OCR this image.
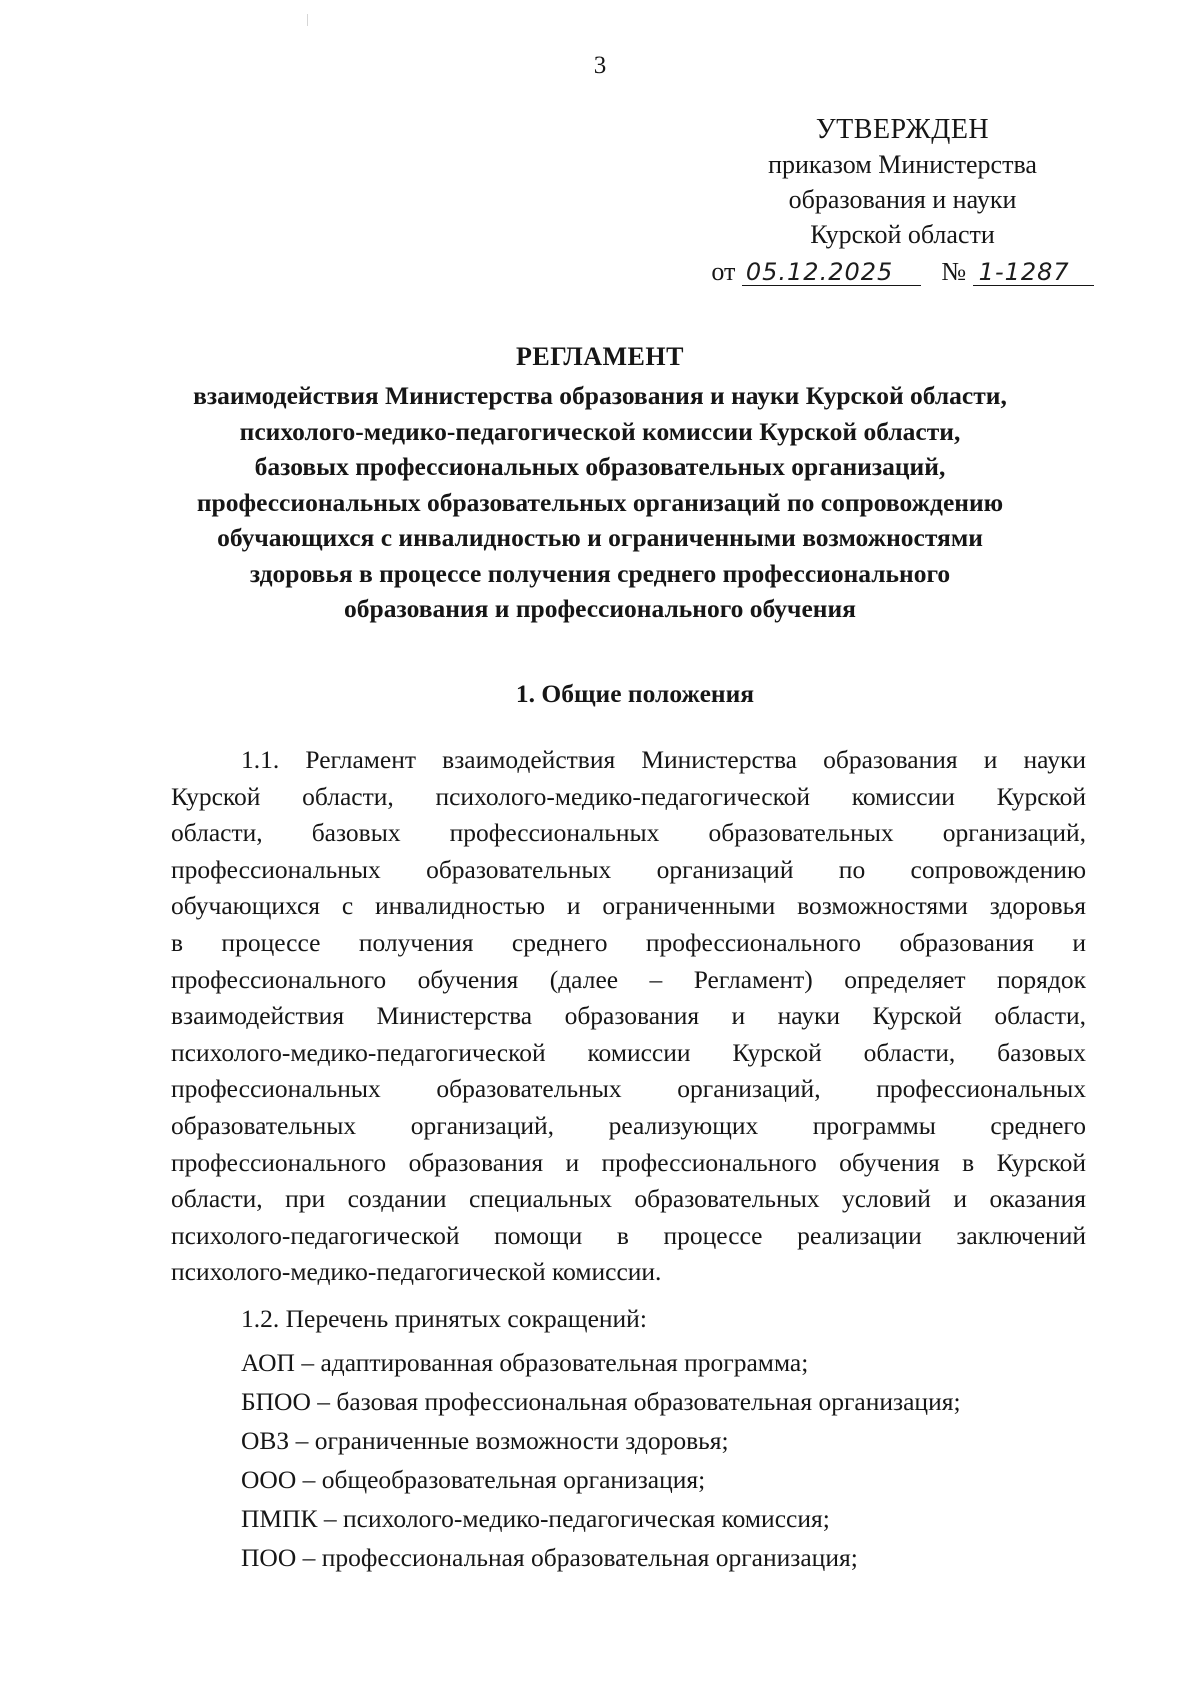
3
УТВЕРЖДЕН
приказом Министерства
образования и науки
Курской области
от 05.12.2025 № 1-1287
РЕГЛАМЕНТ
взаимодействия Министерства образования и науки Курской области,
психолого-медико-педагогической комиссии Курской области,
базовых профессиональных образовательных организаций,
профессиональных образовательных организаций по сопровождению
обучающихся с инвалидностью и ограниченными возможностями
здоровья в процессе получения среднего профессионального
образования и профессионального обучения
1. Общие положения
1.1. Регламент взаимодействия Министерства образования и науки
Курской области, психолого-медико-педагогической комиссии Курской
области, базовых профессиональных образовательных организаций,
профессиональных образовательных организаций по сопровождению
обучающихся с инвалидностью и ограниченными возможностями здоровья
в процессе получения среднего профессионального образования и
профессионального обучения (далее – Регламент) определяет порядок
взаимодействия Министерства образования и науки Курской области,
психолого-медико-педагогической комиссии Курской области, базовых
профессиональных образовательных организаций, профессиональных
образовательных организаций, реализующих программы среднего
профессионального образования и профессионального обучения в Курской
области, при создании специальных образовательных условий и оказания
психолого-педагогической помощи в процессе реализации заключений
психолого-медико-педагогической комиссии.
1.2. Перечень принятых сокращений:
АОП – адаптированная образовательная программа;
БПОО – базовая профессиональная образовательная организация;
ОВЗ – ограниченные возможности здоровья;
ООО – общеобразовательная организация;
ПМПК – психолого-медико-педагогическая комиссия;
ПОО – профессиональная образовательная организация;
